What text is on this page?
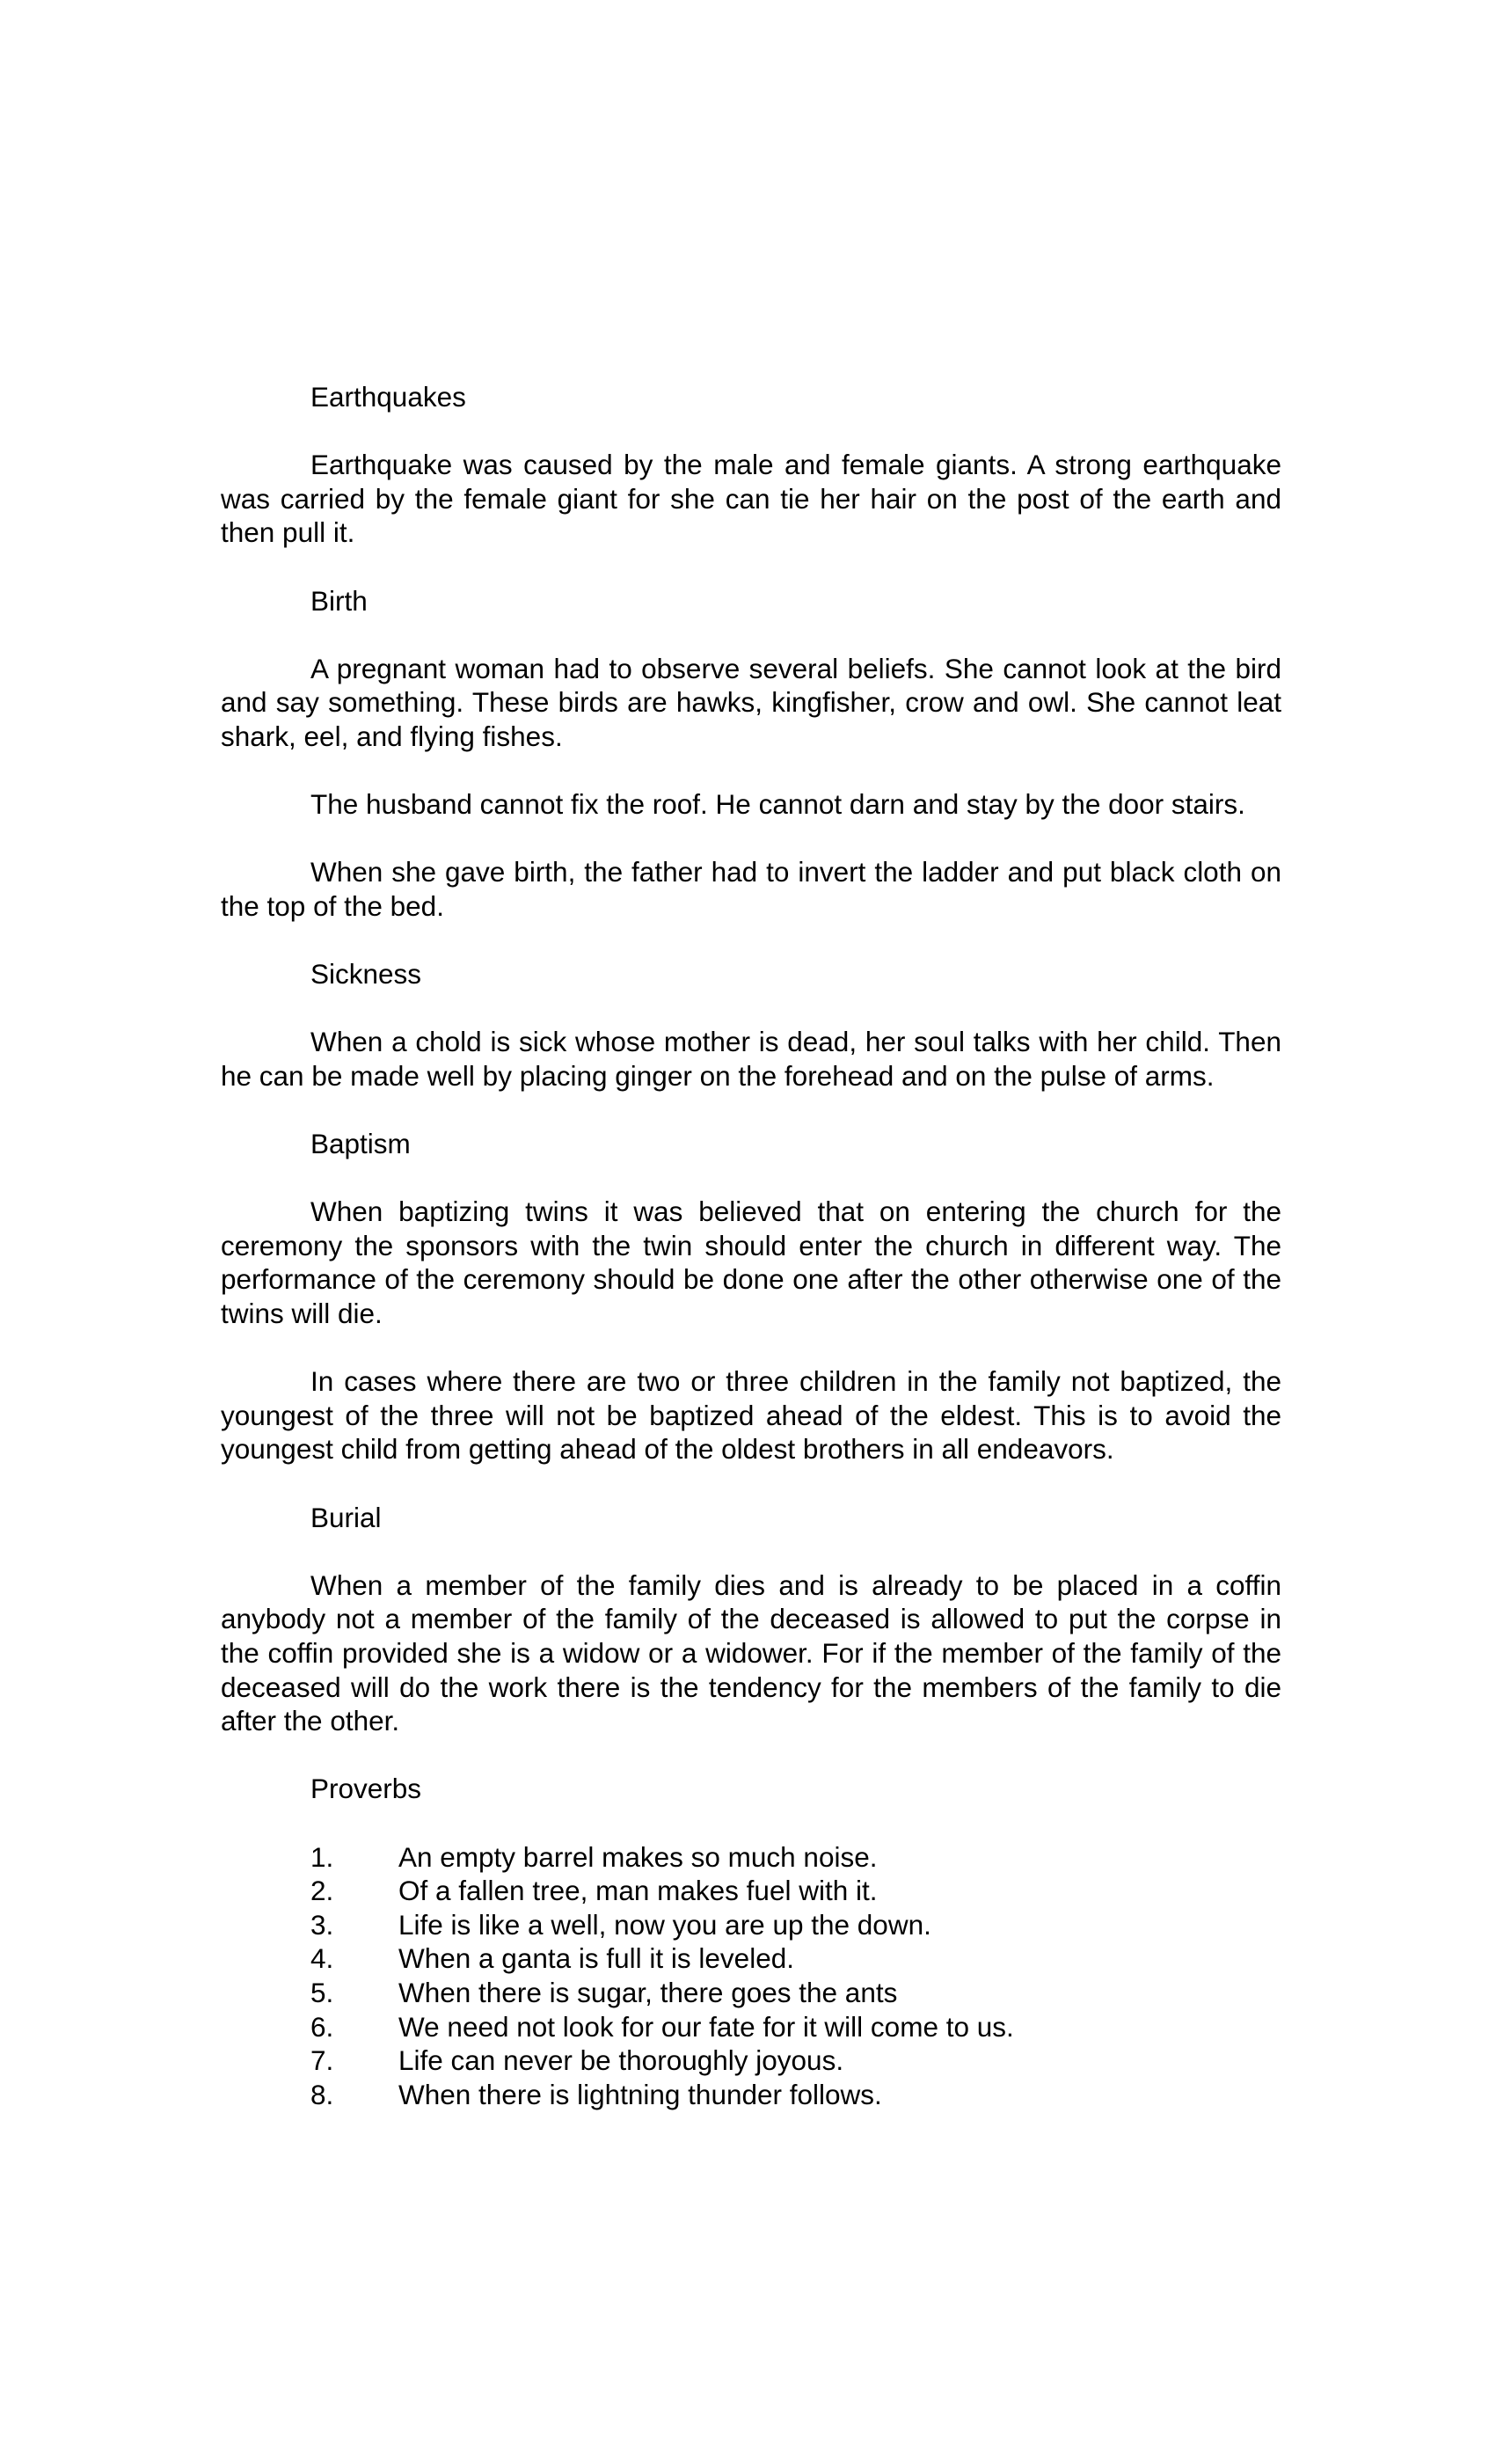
Earthquakes

Earthquake was caused by the male and female giants. A strong earthquake was carried by the female giant for she can tie her hair on the post of the earth and then pull it.

Birth

A pregnant woman had to observe several beliefs. She cannot look at the bird and say something. These birds are hawks, kingfisher, crow and owl. She cannot leat shark, eel, and flying fishes.

The husband cannot fix the roof. He cannot darn and stay by the door stairs.

When she gave birth, the father had to invert the ladder and put black cloth on the top of the bed.

Sickness

When a chold is sick whose mother is dead, her soul talks with her child. Then he can be made well by placing ginger on the forehead and on the pulse of arms.

Baptism

When baptizing twins it was believed that on entering the church for the ceremony the sponsors with the twin should enter the church in different way. The performance of the ceremony should be done one after the other otherwise one of the twins will die.

In cases where there are two or three children in the family not baptized, the youngest of the three will not be baptized ahead of the eldest. This is to avoid the youngest child from getting ahead of the oldest brothers in all endeavors.

Burial

When a member of the family dies and is already to be placed in a coffin anybody not a member of the family of the deceased is allowed to put the corpse in the coffin provided she is a widow or a widower. For if the member of the family of the deceased will do the work there is the tendency for the members of the family to die after the other.

Proverbs

1. An empty barrel makes so much noise.
2. Of a fallen tree, man makes fuel with it.
3. Life is like a well, now you are up the down.
4. When a ganta is full it is leveled.
5. When there is sugar, there goes the ants
6. We need not look for our fate for it will come to us.
7. Life can never be thoroughly joyous.
8. When there is lightning thunder follows.
